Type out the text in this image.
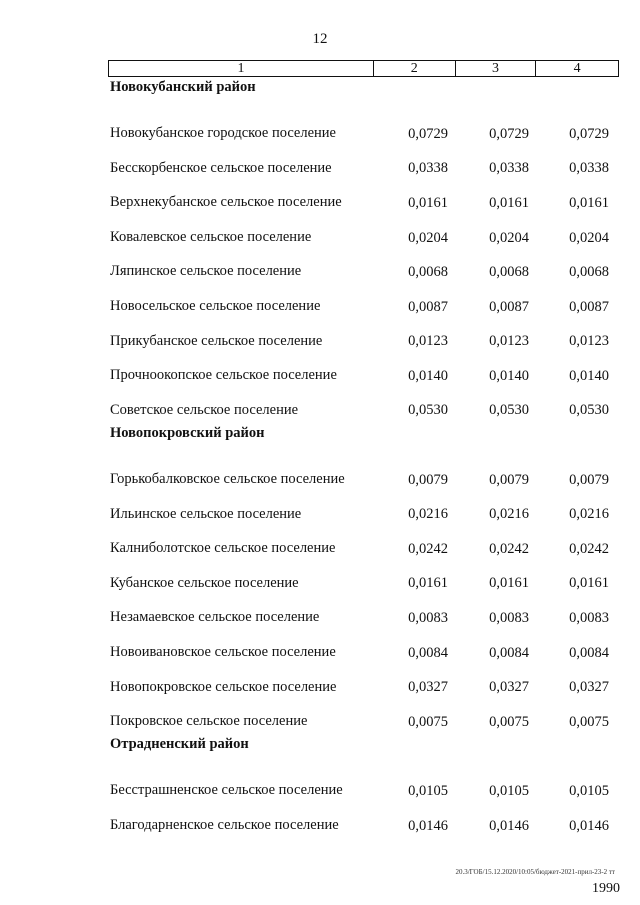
12
1	2	3	4
Новокубанский район
Новокубанское городское поселение	0,0729	0,0729	0,0729
Бесскорбенское сельское поселение	0,0338	0,0338	0,0338
Верхнекубанское сельское поселение	0,0161	0,0161	0,0161
Ковалевское сельское поселение	0,0204	0,0204	0,0204
Ляпинское сельское поселение	0,0068	0,0068	0,0068
Новосельское сельское поселение	0,0087	0,0087	0,0087
Прикубанское сельское поселение	0,0123	0,0123	0,0123
Прочноокопское сельское поселение	0,0140	0,0140	0,0140
Советское сельское поселение	0,0530	0,0530	0,0530
Новопокровский район
Горькобалковское сельское поселение	0,0079	0,0079	0,0079
Ильинское сельское поселение	0,0216	0,0216	0,0216
Калниболотское сельское поселение	0,0242	0,0242	0,0242
Кубанское сельское поселение	0,0161	0,0161	0,0161
Незамаевское сельское поселение	0,0083	0,0083	0,0083
Новоивановское сельское поселение	0,0084	0,0084	0,0084
Новопокровское сельское поселение	0,0327	0,0327	0,0327
Покровское сельское поселение	0,0075	0,0075	0,0075
Отрадненский район
Бесстрашненское сельское поселение	0,0105	0,0105	0,0105
Благодарненское сельское поселение	0,0146	0,0146	0,0146
20.3/ГОБ/15.12.2020/10:05/бюджет-2021-прил-23-2 тт
1990
